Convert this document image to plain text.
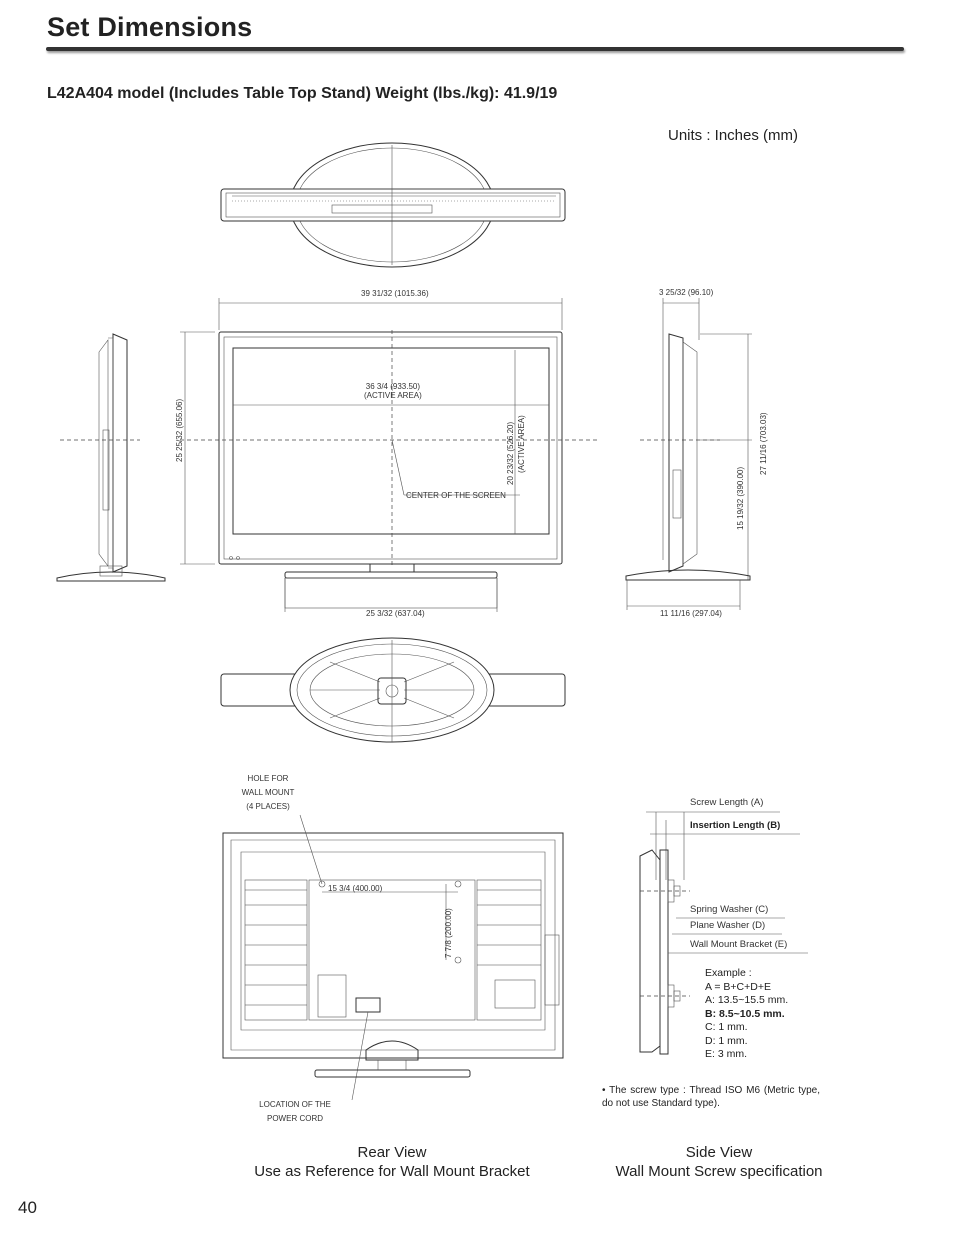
Set Dimensions
L42A404 model (Includes Table Top Stand) Weight (lbs./kg): 41.9/19
Units : Inches (mm)
39 31/32 (1015.36)
36 3/4 (933.50)
(ACTIVE AREA)
25 25/32 (655.06)	20 23/32 (526.20) (ACTIVE AREA)
CENTER OF THE SCREEN
25 3/32 (637.04)
3 25/32 (96.10)
27 11/16 (703.03)
15 19/32 (390.00)
11 11/16 (297.04)
HOLE FOR
WALL MOUNT
(4 PLACES)
15 3/4 (400.00)
7 7/8 (200.00)
LOCATION OF THE
POWER CORD
Screw Length (A)
Insertion Length (B)
Spring Washer (C)
Plane Washer (D)
Wall Mount Bracket (E)
Example :
A = B+C+D+E
A: 13.5~15.5 mm.
B: 8.5~10.5 mm.
C: 1 mm.
D: 1 mm.
E: 3 mm.
• The screw type : Thread ISO M6 (Metric type, do not use Standard type).
Rear View
Use as Reference for Wall Mount Bracket
Side View
Wall Mount Screw specification
40
